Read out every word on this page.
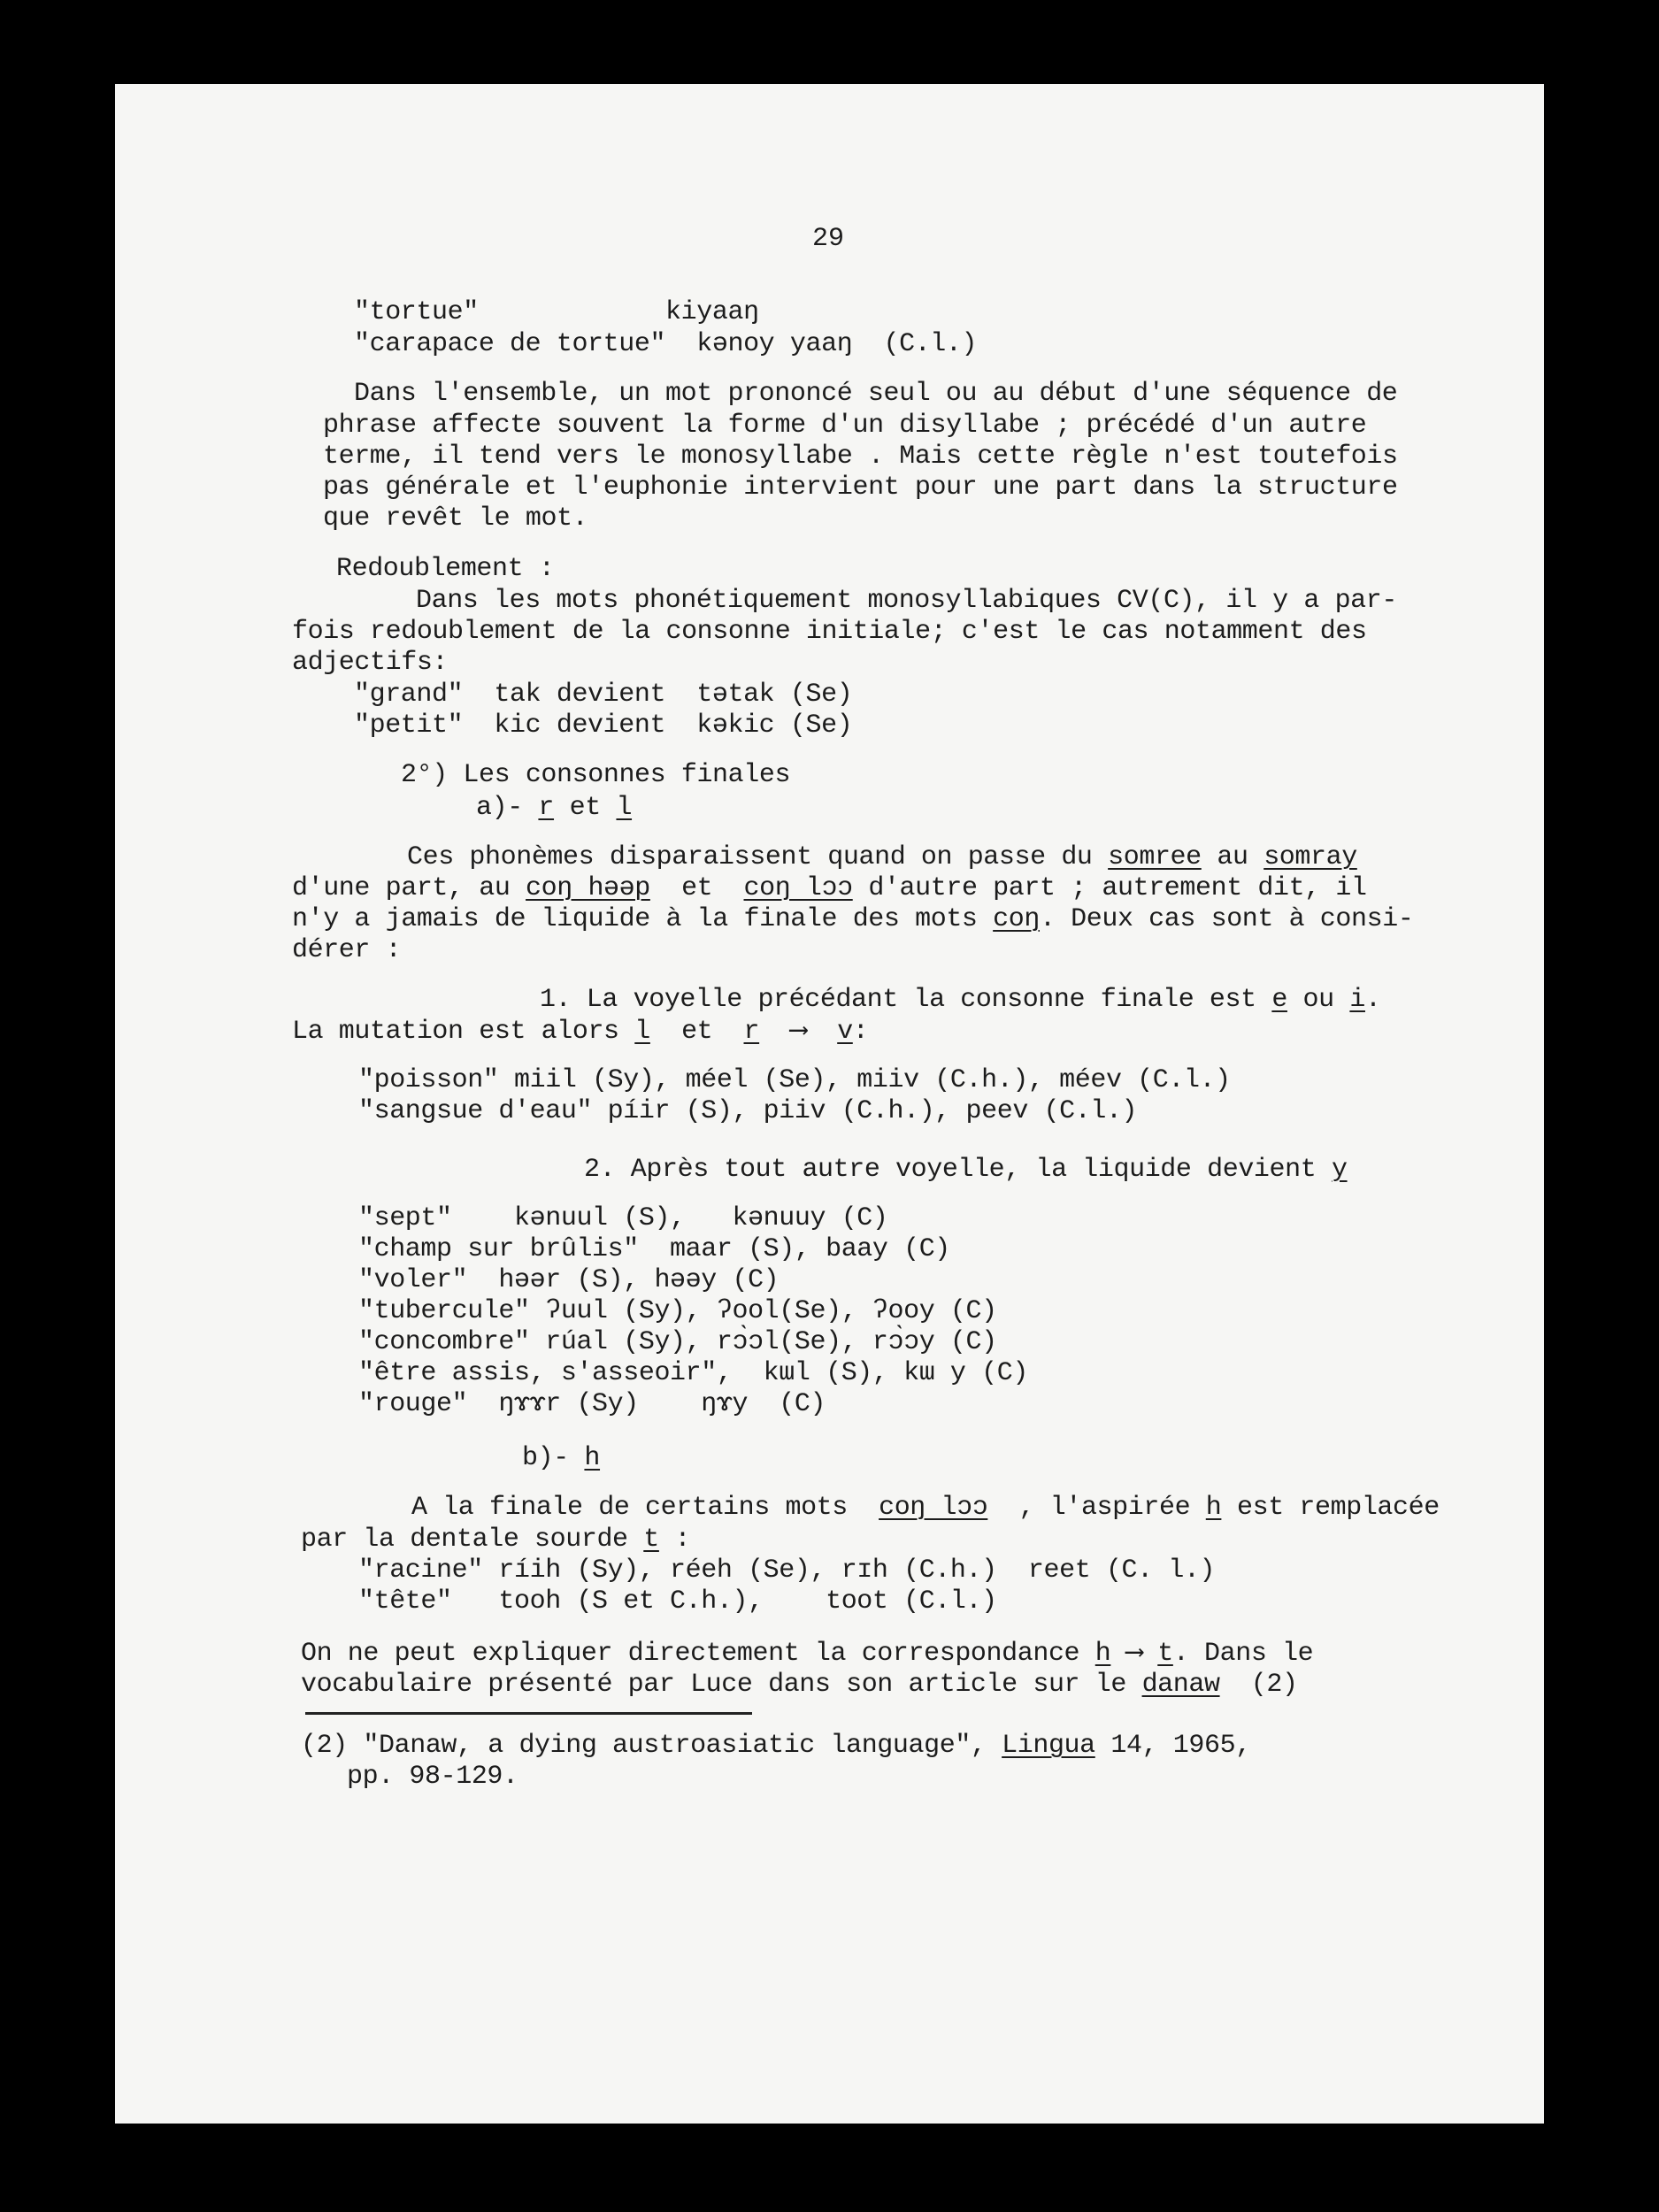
29
"tortue"            kiyaaŋ
"carapace de tortue"  kənoy yaaŋ  (C.l.)
Dans l'ensemble, un mot prononcé seul ou au début d'une séquence de
phrase affecte souvent la forme d'un disyllabe ; précédé d'un autre
terme, il tend vers le monosyllabe . Mais cette règle n'est toutefois
pas générale et l'euphonie intervient pour une part dans la structure
que revêt le mot.
Redoublement :
Dans les mots phonétiquement monosyllabiques CV(C), il y a par-
fois redoublement de la consonne initiale; c'est le cas notamment des
adjectifs:
"grand"  tak devient  tətak (Se)
"petit"  kic devient  kəkic (Se)
2°) Les consonnes finales
a)- r et l
Ces phonèmes disparaissent quand on passe du somree au somray
d'une part, au coŋ həəp  et  coŋ lɔɔ d'autre part ; autrement dit, il
n'y a jamais de liquide à la finale des mots coŋ. Deux cas sont à consi-
dérer :
1. La voyelle précédant la consonne finale est e ou i.
La mutation est alors l  et  r  ⟶  v:
"poisson" miil (Sy), méel (Se), miiv (C.h.), méev (C.l.)
"sangsue d'eau" píir (S), piiv (C.h.), peev (C.l.)
2. Après tout autre voyelle, la liquide devient y
"sept"    kənuul (S),   kənuuy (C)
"champ sur brûlis"  maar (S), baay (C)
"voler"  həər (S), həəy (C)
"tubercule" ʔuul (Sy), ʔool(Se), ʔooy (C)
"concombre" rúal (Sy), rɔ̀ɔl(Se), rɔ̀ɔy (C)
"être assis, s'asseoir",  kɯl (S), kɯ y (C)
"rouge"  ŋɤɤr (Sy)    ŋɤy  (C)
b)- h
A la finale de certains mots  coŋ lɔɔ  , l'aspirée h est remplacée
par la dentale sourde t :
"racine" ríih (Sy), réeh (Se), rɪh (C.h.)  reet (C. l.)
"tête"   tooh (S et C.h.),    toot (C.l.)
On ne peut expliquer directement la correspondance h ⟶ t. Dans le
vocabulaire présenté par Luce dans son article sur le danaw  (2)
(2) "Danaw, a dying austroasiatic language", Lingua 14, 1965,
pp. 98-129.
